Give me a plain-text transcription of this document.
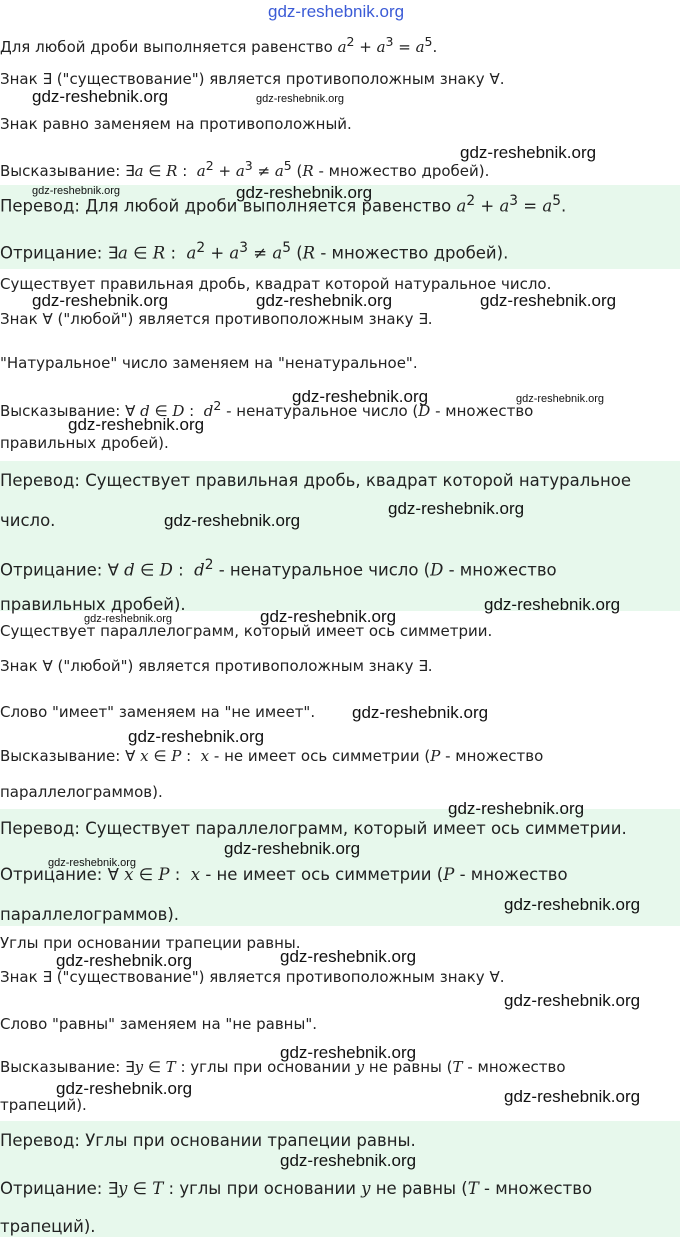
gdz-reshebnik.org
Для любой дроби выполняется равенство $a^2 + a^3 = a^5$.
Знак ∃ ("существование") является противоположным знаку ∀.
Знак равно заменяем на противоположный.
Высказывание: ∃a ∈ R :  $a^2 + a^3 \ne a^5$ (R - множество дробей).
Перевод: Для любой дроби выполняется равенство $a^2 + a^3 = a^5$.
Отрицание: ∃a ∈ R :  $a^2 + a^3 \ne a^5$ (R - множество дробей).
Существует правильная дробь, квадрат которой натуральное число.
Знак ∀ ("любой") является противоположным знаку ∃.
"Натуральное" число заменяем на "ненатуральное".
Высказывание: ∀ d ∈ D :  $d^2$ - ненатуральное число (D - множество
правильных дробей).
Перевод: Существует правильная дробь, квадрат которой натуральное
число.
Отрицание: ∀ d ∈ D :  $d^2$ - ненатуральное число (D - множество
правильных дробей).
Существует параллелограмм, который имеет ось симметрии.
Знак ∀ ("любой") является противоположным знаку ∃.
Слово "имеет" заменяем на "не имеет".
Высказывание: ∀ x ∈ P :  x - не имеет ось симметрии (P - множество
параллелограммов).
Перевод: Существует параллелограмм, который имеет ось симметрии.
Отрицание: ∀ x ∈ P :  x - не имеет ось симметрии (P - множество
параллелограммов).
Углы при основании трапеции равны.
Знак ∃ ("существование") является противоположным знаку ∀.
Слово "равны" заменяем на "не равны".
Высказывание: ∃y ∈ T : углы при основании y не равны (T - множество
трапеций).
Перевод: Углы при основании трапеции равны.
Отрицание: ∃y ∈ T : углы при основании y не равны (T - множество
трапеций).
gdz-reshebnik.org	gdz-reshebnik.org
gdz-reshebnik.org
gdz-reshebnik.org	gdz-reshebnik.org
gdz-reshebnik.org	gdz-reshebnik.org	gdz-reshebnik.org
gdz-reshebnik.org	gdz-reshebnik.org
gdz-reshebnik.org
gdz-reshebnik.org
gdz-reshebnik.org
gdz-reshebnik.org
gdz-reshebnik.org	gdz-reshebnik.org
gdz-reshebnik.org
gdz-reshebnik.org
gdz-reshebnik.org
gdz-reshebnik.org
gdz-reshebnik.org
gdz-reshebnik.org
gdz-reshebnik.org
gdz-reshebnik.org
gdz-reshebnik.org
gdz-reshebnik.org
gdz-reshebnik.org	gdz-reshebnik.org
gdz-reshebnik.org
